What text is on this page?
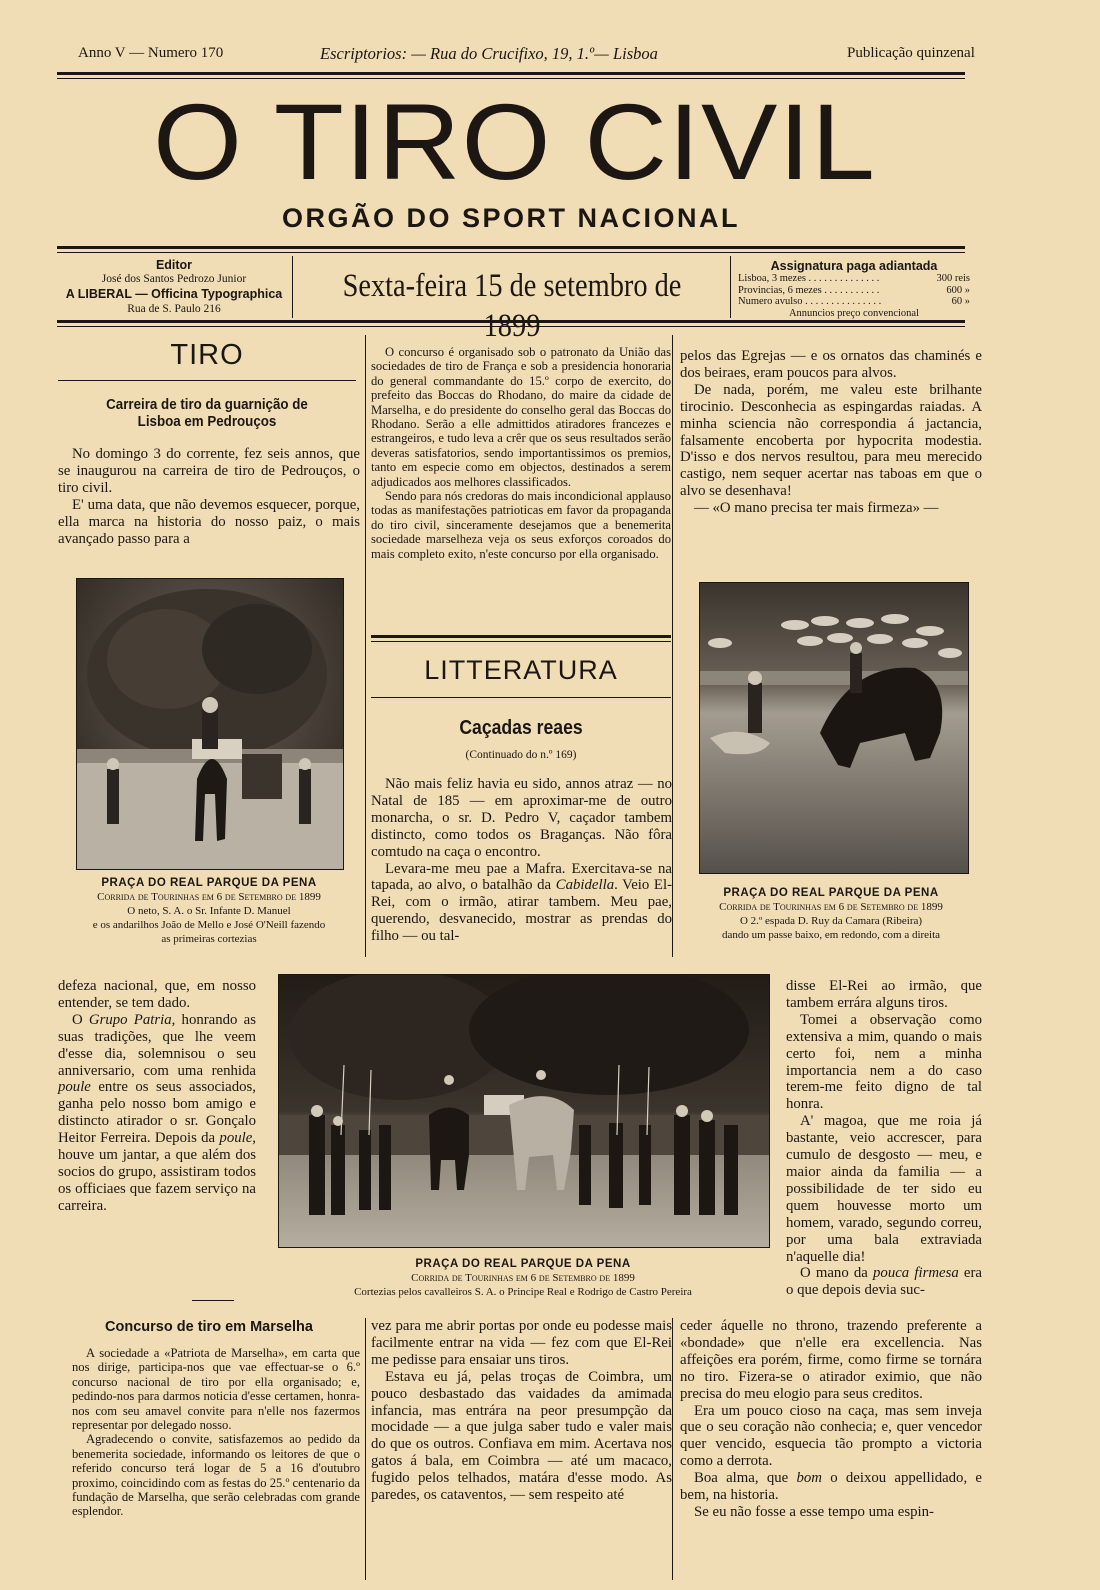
Anno V — Numero 170	Escriptorios: — Rua do Crucifixo, 19, 1.º— Lisboa	Publicação quinzenal
O TIRO CIVIL
ORGÃO DO SPORT NACIONAL
Editor
José dos Santos Pedrozo Junior
A LIBERAL — Officina Typographica
Rua de S. Paulo 216
Sexta-feira 15 de setembro de 1899
Assignatura paga adiantada
Lisboa, 3 mezes . . . . . . . . . . . . . .	300 reis
Provincias, 6 mezes . . . . . . . . . . .	600 »
Numero avulso . . . . . . . . . . . . . . .	60 »
Annuncios preço convencional
TIRO
Carreira de tiro da guarnição de Lisboa em Pedrouços

No domingo 3 do corrente, fez seis annos, que se inaugurou na carreira de tiro de Pedrouços, o tiro civil.

E' uma data, que não devemos esquecer, porque, ella marca na historia do nosso paiz, o mais avançado passo para a

PRAÇA DO REAL PARQUE DA PENA
Corrida de Tourinhas em 6 de Setembro de 1899
O neto, S. A. o Sr. Infante D. Manuel
e os andarilhos João de Mello e José O'Neill fazendo
as primeiras cortezias

O concurso é organisado sob o patronato da União das sociedades de tiro de França e sob a presidencia honoraria do general commandante do 15.º corpo de exercito, do prefeito das Boccas do Rhodano, do maire da cidade de Marselha, e do presidente do conselho geral das Boccas do Rhodano. Serão a elle admittidos atiradores francezes e estrangeiros, e tudo leva a crêr que os seus resultados serão deveras satisfatorios, sendo importantissimos os premios, tanto em especie como em objectos, destinados a serem adjudicados aos melhores classificados.

Sendo para nós credoras do mais incondicional applauso todas as manifestações patrioticas em favor da propaganda do tiro civil, sinceramente desejamos que a benemerita sociedade marselheza veja os seus exforços coroados do mais completo exito, n'este concurso por ella organisado.

LITTERATURA
Caçadas reaes
(Continuado do n.º 169)

Não mais feliz havia eu sido, annos atraz — no Natal de 185 — em aproximar-me de outro monarcha, o sr. D. Pedro V, caçador tambem distincto, como todos os Braganças. Não fôra comtudo na caça o encontro.

Levara-me meu pae a Mafra. Exercitava-se na tapada, ao alvo, o batalhão da Cabidella. Veio El-Rei, com o irmão, atirar tambem. Meu pae, querendo, desvanecido, mostrar as prendas do filho — ou tal-

pelos das Egrejas — e os ornatos das chaminés e dos beiraes, eram poucos para alvos.

De nada, porém, me valeu este brilhante tirocinio. Desconhecia as espingardas raiadas. A minha sciencia não correspondia á jactancia, falsamente encoberta por hypocrita modestia. D'isso e dos nervos resultou, para meu merecido castigo, nem sequer acertar nas taboas em que o alvo se desenhava!

— «O mano precisa ter mais firmeza» —

PRAÇA DO REAL PARQUE DA PENA
Corrida de Tourinhas em 6 de Setembro de 1899
O 2.º espada D. Ruy da Camara (Ribeira)
dando um passe baixo, em redondo, com a direita

defeza nacional, que, em nosso entender, se tem dado.

O Grupo Patria, honrando as suas tradições, que lhe veem d'esse dia, solemnisou o seu anniversario, com uma renhida poule entre os seus associados, ganha pelo nosso bom amigo e distincto atirador o sr. Gonçalo Heitor Ferreira. Depois da poule, houve um jantar, a que além dos socios do grupo, assistiram todos os officiaes que fazem serviço na carreira.

PRAÇA DO REAL PARQUE DA PENA
Corrida de Tourinhas em 6 de Setembro de 1899
Cortezias pelos cavalleiros S. A. o Principe Real e Rodrigo de Castro Pereira

disse El-Rei ao irmão, que tambem errára alguns tiros.

Tomei a observação como extensiva a mim, quando o mais certo foi, nem a minha importancia nem a do caso terem-me feito digno de tal honra.

A' magoa, que me roia já bastante, veio accrescer, para cumulo de desgosto — meu, e maior ainda da familia — a possibilidade de ter sido eu quem houvesse morto um homem, varado, segundo correu, por uma bala extraviada n'aquelle dia!

O mano da pouca firmesa era o que depois devia suc-

Concurso de tiro em Marselha

A sociedade a «Patriota de Marselha», em carta que nos dirige, participa-nos que vae effectuar-se o 6.º concurso nacional de tiro por ella organisado; e, pedindo-nos para darmos noticia d'esse certamen, honra-nos com seu amavel convite para n'elle nos fazermos representar por delegado nosso.

Agradecendo o convite, satisfazemos ao pedido da benemerita sociedade, informando os leitores de que o referido concurso terá logar de 5 a 16 d'outubro proximo, coincidindo com as festas do 25.º centenario da fundação de Marselha, que serão celebradas com grande esplendor.

vez para me abrir portas por onde eu podesse mais facilmente entrar na vida — fez com que El-Rei me pedisse para ensaiar uns tiros.

Estava eu já, pelas troças de Coimbra, um pouco desbastado das vaidades da amimada infancia, mas entrára na peor presumpção da mocidade — a que julga saber tudo e valer mais do que os outros. Confiava em mim. Acertava nos gatos á bala, em Coimbra — até um macaco, fugido pelos telhados, matára d'esse modo. As paredes, os cataventos, — sem respeito até

ceder áquelle no throno, trazendo preferente a «bondade» que n'elle era excellencia. Nas affeições era porém, firme, como firme se tornára no tiro. Fizera-se o atirador eximio, que não precisa do meu elogio para seus creditos.

Era um pouco cioso na caça, mas sem inveja que o seu coração não conhecia; e, quer vencedor quer vencido, esquecia tão prompto a victoria como a derrota.

Boa alma, que bom o deixou appellidado, e bem, na historia.

Se eu não fosse a esse tempo uma espin-
